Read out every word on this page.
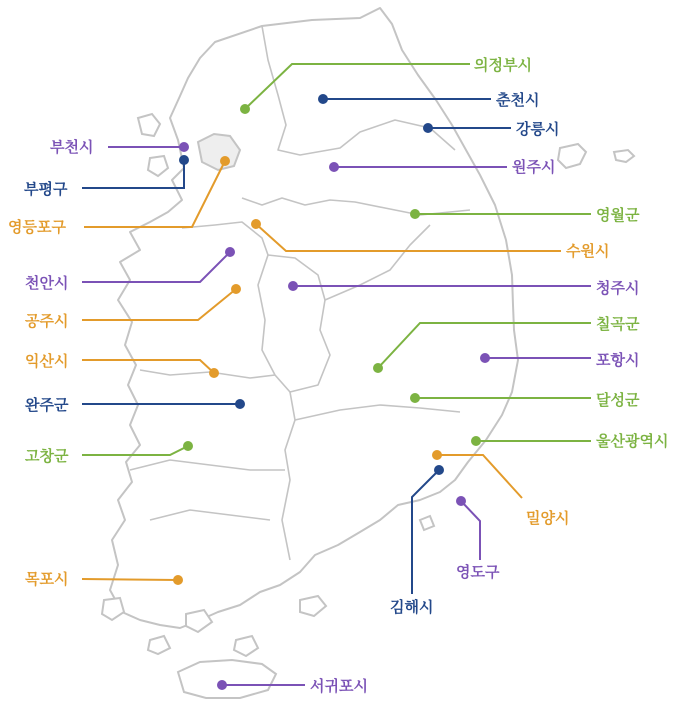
의정부시
춘천시
강릉시
부천시
원주시
부평구
영등포구
영월군
수원시
천안시	청주시
공주시	칠곡군
익산시	포항시
완주군	달성군
고창군
울산광역시
밀양시
영도구
목포시
김해시
서귀포시
